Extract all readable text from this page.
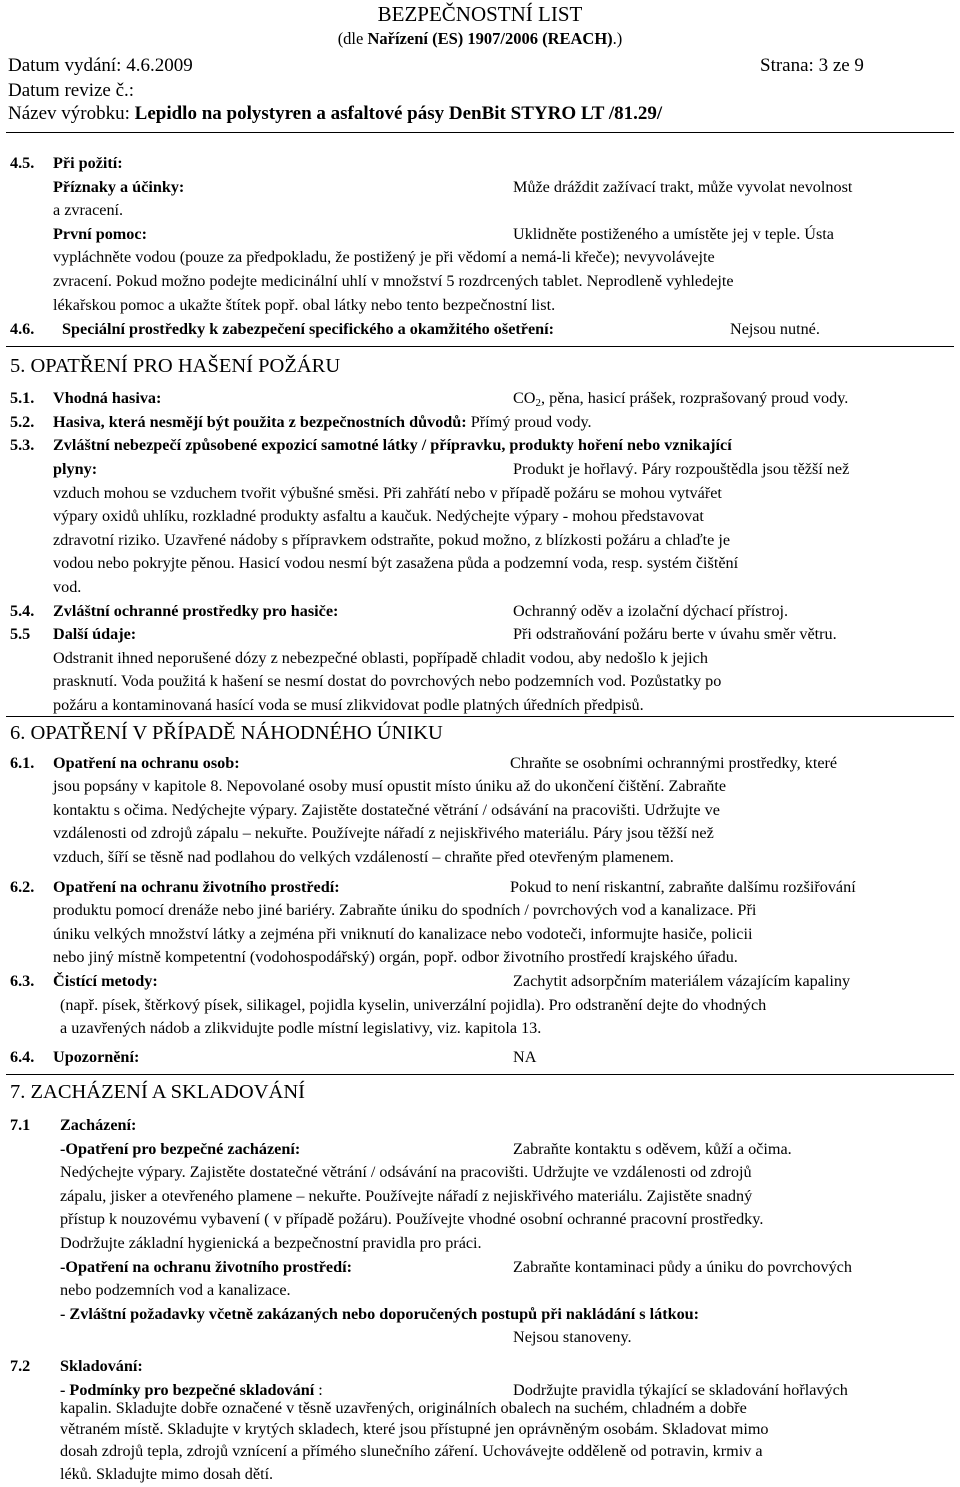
BEZPEČNOSTNÍ LIST
(dle Nařízení (ES) 1907/2006 (REACH).)
Datum vydání: 4.6.2009	Strana: 3 ze 9
Datum revize č.:
Název výrobku: Lepidlo na polystyren a asfaltové pásy DenBit STYRO LT /81.29/
4.5. Při požití:
Příznaky a účinky:	Může dráždit zažívací trakt, může vyvolat nevolnost
a zvracení.
První pomoc:	Uklidněte postiženého a umístěte jej v teple. Ústa
vypláchněte vodou (pouze za předpokladu, že postižený je při vědomí a nemá-li křeče); nevyvolávejte
zvracení. Pokud možno podejte medicinální uhlí v množství 5 rozdrcených tablet. Neprodleně vyhledejte
lékařskou pomoc a ukažte štítek popř. obal látky nebo tento bezpečnostní list.
4.6. Speciální prostředky k zabezpečení specifického a okamžitého ošetření:	Nejsou nutné.
5. OPATŘENÍ PRO HAŠENÍ POŽÁRU
5.1. Vhodná hasiva:	$CO_2$, pěna, hasicí prášek, rozprašovaný proud vody.
5.2. Hasiva, která nesmějí být použita z bezpečnostních důvodů: Přímý proud vody.
5.3. Zvláštní nebezpečí způsobené expozicí samotné látky / přípravku, produkty hoření nebo vznikající
plyny:	Produkt je hořlavý. Páry rozpouštědla jsou těžší než
vzduch mohou se vzduchem tvořit výbušné směsi. Při zahřátí nebo v případě požáru se mohou vytvářet
výpary oxidů uhlíku, rozkladné produkty asfaltu a kaučuk. Nedýchejte výpary - mohou představovat
zdravotní riziko. Uzavřené nádoby s přípravkem odstraňte, pokud možno, z blízkosti požáru a chlaďte je
vodou nebo pokryjte pěnou. Hasicí vodou nesmí být zasažena půda a podzemní voda, resp. systém čištění
vod.
5.4. Zvláštní ochranné prostředky pro hasiče:	Ochranný oděv a izolační dýchací přístroj.
5.5 Další údaje:	Při odstraňování požáru berte v úvahu směr větru.
Odstranit ihned neporušené dózy z nebezpečné oblasti, popřípadě chladit vodou, aby nedošlo k jejich
prasknutí. Voda použitá k hašení se nesmí dostat do povrchových nebo podzemních vod. Pozůstatky po
požáru a kontaminovaná hasící voda se musí zlikvidovat podle platných úředních předpisů.
6. OPATŘENÍ V PŘÍPADĚ NÁHODNÉHO ÚNIKU
6.1. Opatření na ochranu osob:	Chraňte se osobními ochrannými prostředky, které
jsou popsány v kapitole 8. Nepovolané osoby musí opustit místo úniku až do ukončení čištění. Zabraňte
kontaktu s očima. Nedýchejte výpary. Zajistěte dostatečné větrání / odsávání na pracovišti. Udržujte ve
vzdálenosti od zdrojů zápalu – nekuřte. Používejte nářadí z nejiskřivého materiálu. Páry jsou těžší než
vzduch, šíří se těsně nad podlahou do velkých vzdáleností – chraňte před otevřeným plamenem.
6.2. Opatření na ochranu životního prostředí:	Pokud to není riskantní, zabraňte dalšímu rozšiřování
produktu pomocí drenáže nebo jiné bariéry. Zabraňte úniku do spodních / povrchových vod a kanalizace. Při
úniku velkých množství látky a zejména při vniknutí do kanalizace nebo vodoteči, informujte hasiče, policii
nebo jiný místně kompetentní (vodohospodářský) orgán, popř. odbor životního prostředí krajského úřadu.
6.3. Čistící metody:	Zachytit adsorpčním materiálem vázajícím kapaliny
(např. písek, štěrkový písek, silikagel, pojidla kyselin, univerzální pojidla). Pro odstranění dejte do vhodných
a uzavřených nádob a zlikvidujte podle místní legislativy, viz. kapitola 13.
6.4. Upozornění:	NA
7. ZACHÁZENÍ A SKLADOVÁNÍ
7.1 Zacházení:
-Opatření pro bezpečné zacházení:	Zabraňte kontaktu s oděvem, kůží a očima.
Nedýchejte výpary. Zajistěte dostatečné větrání / odsávání na pracovišti. Udržujte ve vzdálenosti od zdrojů
zápalu, jisker a otevřeného plamene – nekuřte. Používejte nářadí z nejiskřivého materiálu. Zajistěte snadný
přístup k nouzovému vybavení ( v případě požáru). Používejte vhodné osobní ochranné pracovní prostředky.
Dodržujte základní hygienická a bezpečnostní pravidla pro práci.
-Opatření na ochranu životního prostředí:	Zabraňte kontaminaci půdy a úniku do povrchových
nebo podzemních vod a kanalizace.
- Zvláštní požadavky včetně zakázaných nebo doporučených postupů při nakládání s látkou:
Nejsou stanoveny.
7.2 Skladování:
- Podmínky pro bezpečné skladování :	Dodržujte pravidla týkající se skladování hořlavých
kapalin. Skladujte dobře označené v těsně uzavřených, originálních obalech na suchém, chladném a dobře
větraném místě. Skladujte v krytých skladech, které jsou přístupné jen oprávněným osobám. Skladovat mimo
dosah zdrojů tepla, zdrojů vznícení a přímého slunečního záření. Uchovávejte odděleně od potravin, krmiv a
léků. Skladujte mimo dosah dětí.
